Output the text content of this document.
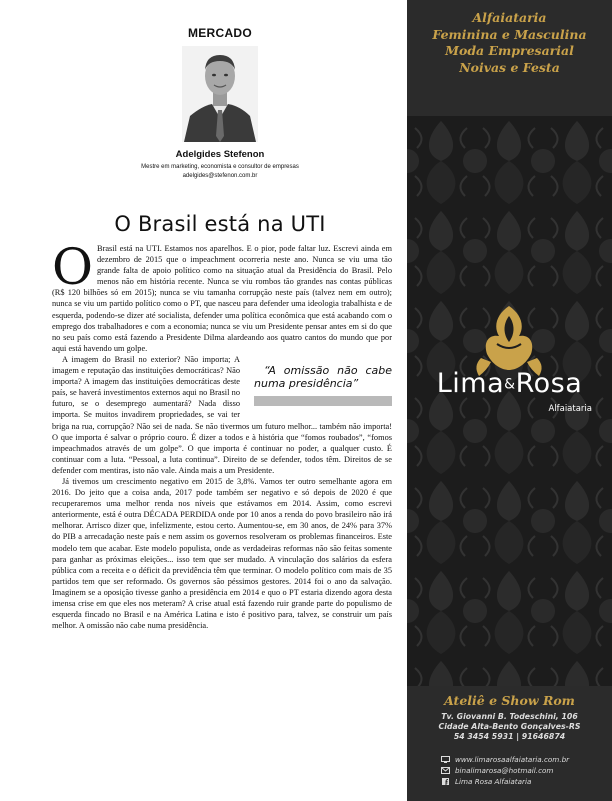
MERCADO
Adelgides Stefenon
Mestre em marketing, economista e consultor de empresas
adelgides@stefenon.com.br
O Brasil está na UTI

O Brasil está na UTI. Estamos nos aparelhos. E o pior, pode faltar luz. Escrevi ainda em dezembro de 2015 que o impeachment ocorreria neste ano. Nunca se viu uma tão grande falta de apoio político como na situação atual da Presidência do Brasil. Pelo menos não em história recente. Nunca se viu rombos tão grandes nas contas públicas (R$ 120 bilhões só em 2015); nunca se viu tamanha corrupção neste país (talvez nem em outro); nunca se viu um partido político como o PT, que nasceu para defender uma ideologia trabalhista e de esquerda, podendo-se dizer até socialista, defender uma política econômica que está acabando com o emprego dos trabalhadores e com a economia; nunca se viu um Presidente pensar antes em si do que no seu país como está fazendo a Presidente Dilma alardeando aos quatro cantos do mundo que por aqui está havendo um golpe.

“A omissão não cabe numa presidência”
A imagem do Brasil no exterior? Não importa; A imagem e reputação das instituições democráticas? Não importa? A imagem das instituições democráticas deste país, se haverá investimentos externos aqui no Brasil no futuro, se o desemprego aumentará? Nada disso importa. Se muitos invadirem propriedades, se vai ter briga na rua, corrupção? Não sei de nada. Se não tivermos um futuro melhor... também não importa! O que importa é salvar o próprio couro. É dizer a todos e à história que “fomos roubados”, “fomos impeachmados através de um golpe”. O que importa é continuar no poder, a qualquer custo. É continuar com a luta. “Pessoal, a luta continua”. Direito de se defender, todos têm. Direitos de se defender com mentiras, isto não vale. Ainda mais a um Presidente.

Já tivemos um crescimento negativo em 2015 de 3,8%. Vamos ter outro semelhante agora em 2016. Do jeito que a coisa anda, 2017 pode também ser negativo e só depois de 2020 é que recuperaremos uma melhor renda nos níveis que estávamos em 2014. Assim, como escrevi anteriormente, está é outra DÉCADA PERDIDA onde por 10 anos a renda do povo brasileiro não irá melhorar. Arrisco dizer que, infelizmente, estou certo. Aumentou-se, em 30 anos, de 24% para 37% do PIB a arrecadação neste país e nem assim os governos resolveram os problemas financeiros. Este modelo tem que acabar. Este modelo populista, onde as verdadeiras reformas não são feitas somente para ganhar as próximas eleições... isso tem que ser mudado. A vinculação dos salários da esfera pública com a receita e o déficit da previdência têm que terminar. O modelo político com mais de 35 partidos tem que ser reformado. Os governos são péssimos gestores. 2014 foi o ano da salvação. Imaginem se a oposição tivesse ganho a presidência em 2014 e quo o PT estaria dizendo agora desta imensa crise em que eles nos meteram? A crise atual está fazendo ruir grande parte do populismo de esquerda fincado no Brasil e na América Latina e isto é positivo para, talvez, se construir um país melhor. A omissão não cabe numa presidência.

Alfaiataria
Feminina e Masculina
Moda Empresarial
Noivas e Festa
Lima&Rosa
Alfaiataria
Ateliê e Show Rom
Tv. Giovanni B. Todeschini, 106
Cidade Alta-Bento Gonçalves-RS
54 3454 5931 | 91646874
www.limarosaalfaiataria.com.br
binalimarosa@hotmail.com
Lima Rosa Alfaiataria
